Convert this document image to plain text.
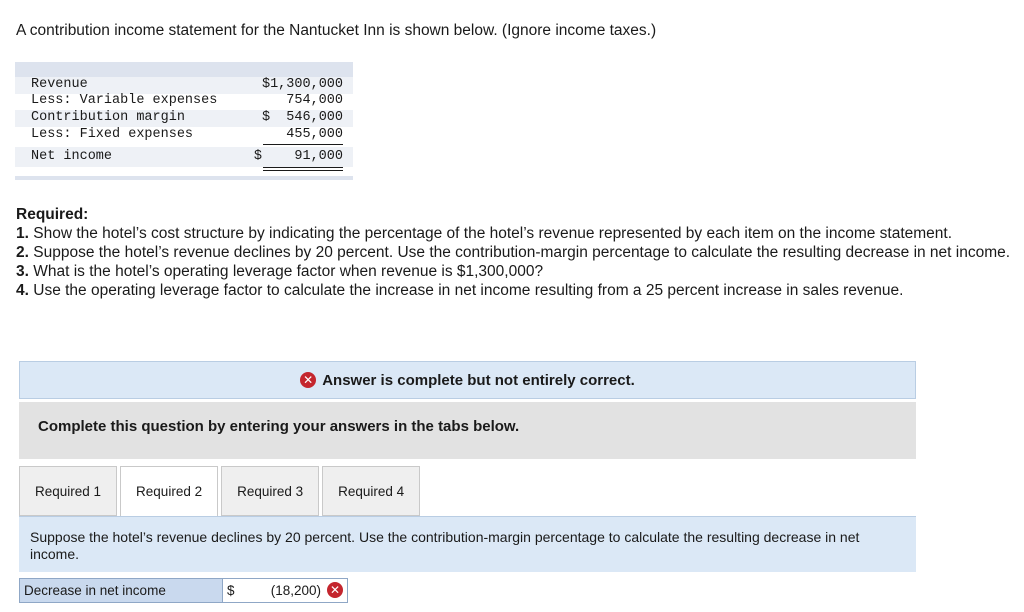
A contribution income statement for the Nantucket Inn is shown below. (Ignore income taxes.)
Revenue	$1,300,000
Less: Variable expenses	754,000
Contribution margin	$  546,000
Less: Fixed expenses	455,000
Net income	$    91,000

Required:

1. Show the hotel’s cost structure by indicating the percentage of the hotel’s revenue represented by each item on the income statement.

2. Suppose the hotel’s revenue declines by 20 percent. Use the contribution-margin percentage to calculate the resulting decrease in net income.

3. What is the hotel’s operating leverage factor when revenue is $1,300,000?

4. Use the operating leverage factor to calculate the increase in net income resulting from a 25 percent increase in sales revenue.

✕ Answer is complete but not entirely correct.
Complete this question by entering your answers in the tabs below.
Required 1	Required 2	Required 3	Required 4
Suppose the hotel’s revenue declines by 20 percent. Use the contribution-margin percentage to calculate the resulting decrease in net income.
Decrease in net income	$	(18,200) ✕
